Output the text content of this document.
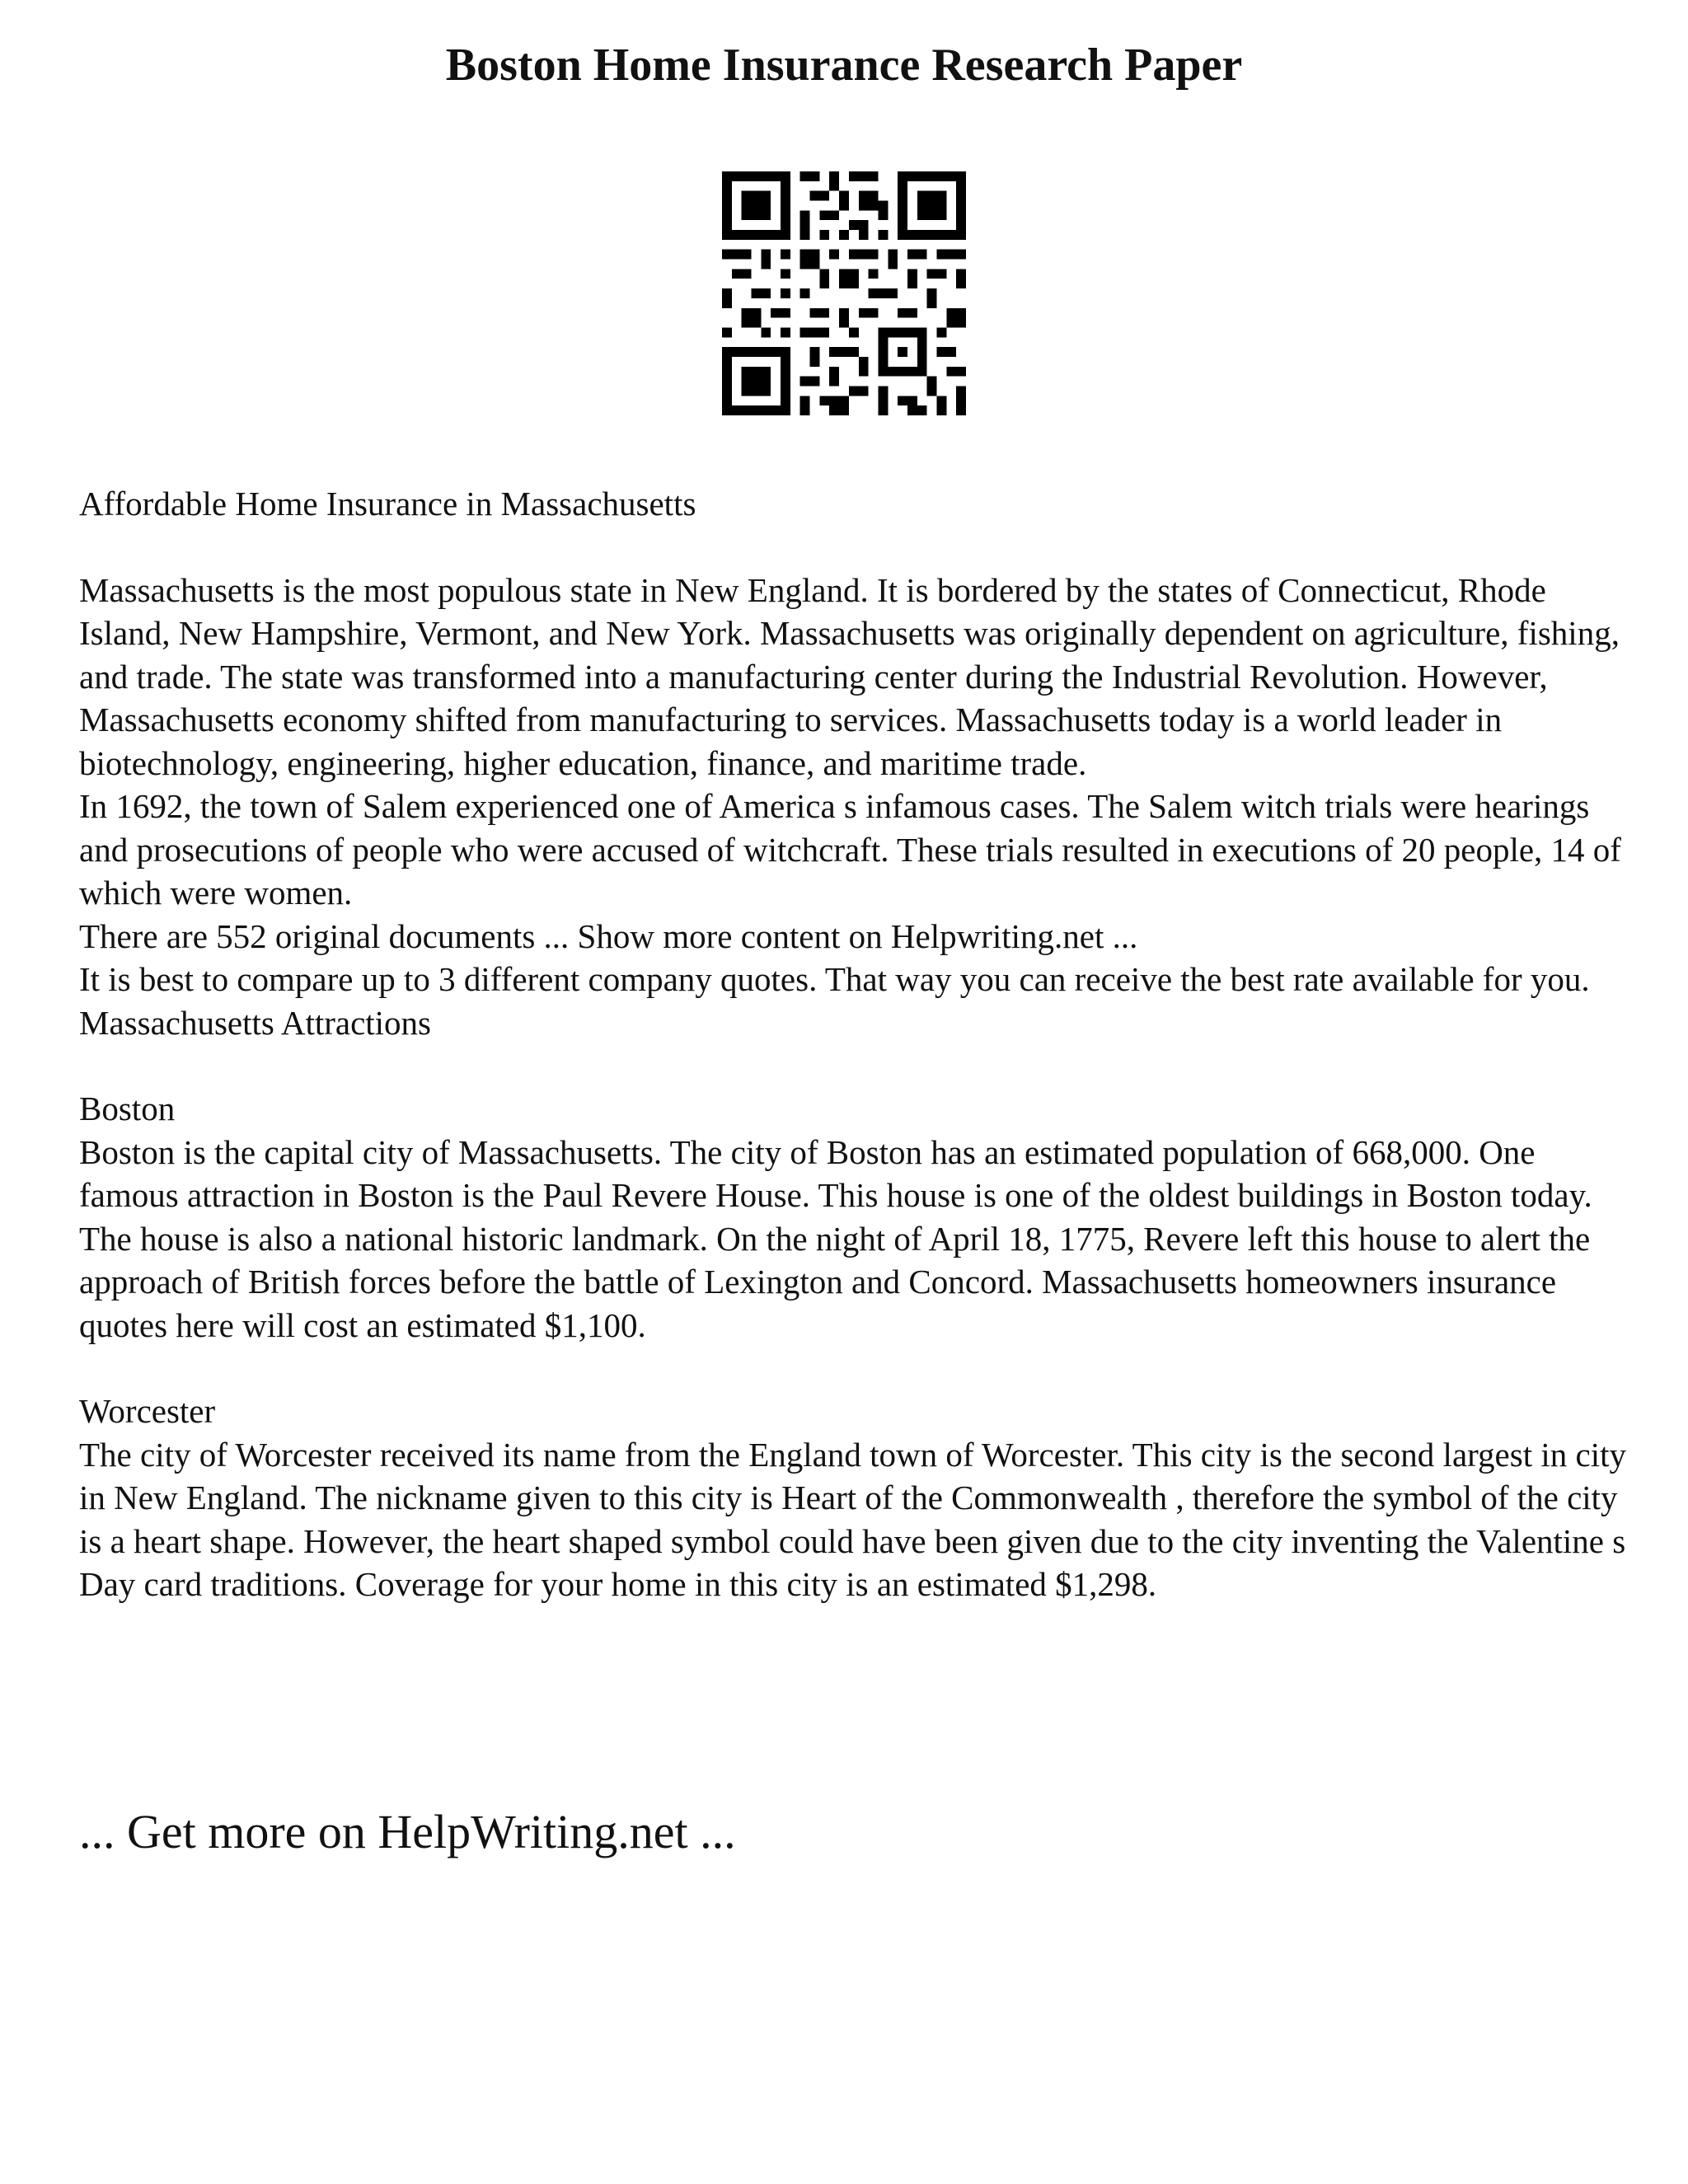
Boston Home Insurance Research Paper

Affordable Home Insurance in Massachusetts

Massachusetts is the most populous state in New England. It is bordered by the states of Connecticut, Rhode Island, New Hampshire, Vermont, and New York. Massachusetts was originally dependent on agriculture, fishing, and trade. The state was transformed into a manufacturing center during the Industrial Revolution. However, Massachusetts economy shifted from manufacturing to services. Massachusetts today is a world leader in biotechnology, engineering, higher education, finance, and maritime trade.

In 1692, the town of Salem experienced one of America s infamous cases. The Salem witch trials were hearings and prosecutions of people who were accused of witchcraft. These trials resulted in executions of 20 people, 14 of which were women.

There are 552 original documents ... Show more content on Helpwriting.net ...

It is best to compare up to 3 different company quotes. That way you can receive the best rate available for you.

Massachusetts Attractions

Boston

Boston is the capital city of Massachusetts. The city of Boston has an estimated population of 668,000. One famous attraction in Boston is the Paul Revere House. This house is one of the oldest buildings in Boston today. The house is also a national historic landmark. On the night of April 18, 1775, Revere left this house to alert the approach of British forces before the battle of Lexington and Concord. Massachusetts homeowners insurance quotes here will cost an estimated $1,100.

Worcester

The city of Worcester received its name from the England town of Worcester. This city is the second largest in city in New England. The nickname given to this city is Heart of the Commonwealth , therefore the symbol of the city is a heart shape. However, the heart shaped symbol could have been given due to the city inventing the Valentine s Day card traditions. Coverage for your home in this city is an estimated $1,298.

... Get more on HelpWriting.net ...
